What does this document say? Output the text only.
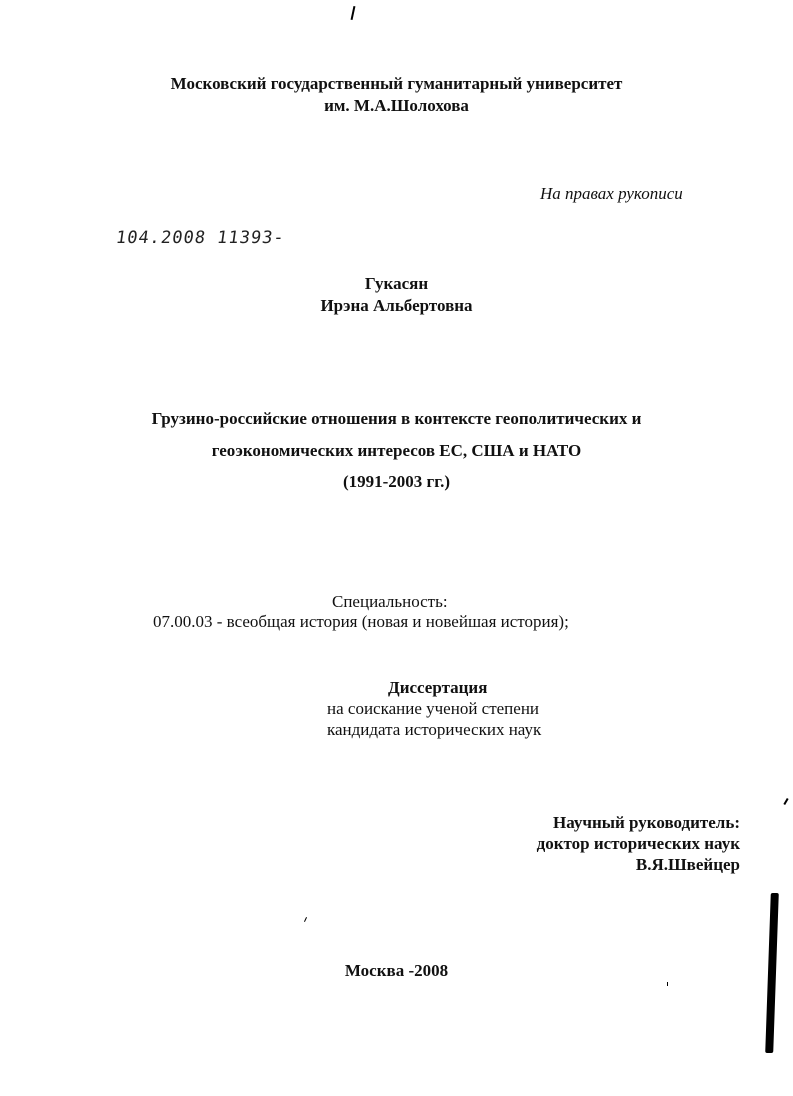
Московский государственный гуманитарный университет
им. М.А.Шолохова
На правах рукописи
104.2008 11393-
Гукасян
Ирэна Альбертовна
Грузино-российские отношения в контексте геополитических и
геоэкономических интересов ЕС, США и НАТО
(1991-2003 гг.)
Специальность:
07.00.03 - всеобщая история (новая и новейшая история);
Диссертация
на соискание ученой степени
кандидата исторических наук
Научный руководитель:
доктор исторических наук
В.Я.Швейцер
Москва -2008
